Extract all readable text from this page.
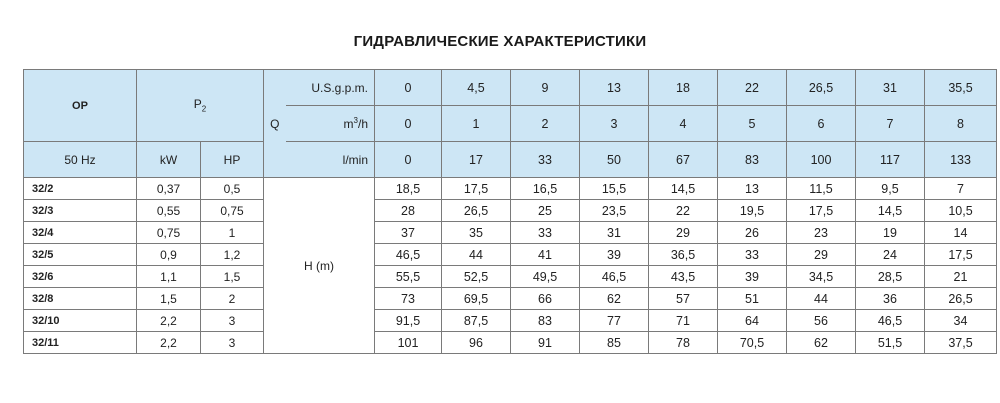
ГИДРАВЛИЧЕСКИЕ ХАРАКТЕРИСТИКИ
OP	$P_2$		Q	U.S.g.p.m.	0	4,5	9	13	18	22	26,5	31	35,5
				$m^3/h$	0	1	2	3	4	5	6	7	8
50 Hz	kW	HP		l/min	0	17	33	50	67	83	100	117	133
32/2	0,37	0,5	H (m)		18,5	17,5	16,5	15,5	14,5	13	11,5	9,5	7
32/3	0,55	0,75			28	26,5	25	23,5	22	19,5	17,5	14,5	10,5
32/4	0,75	1			37	35	33	31	29	26	23	19	14
32/5	0,9	1,2			46,5	44	41	39	36,5	33	29	24	17,5
32/6	1,1	1,5			55,5	52,5	49,5	46,5	43,5	39	34,5	28,5	21
32/8	1,5	2			73	69,5	66	62	57	51	44	36	26,5
32/10	2,2	3			91,5	87,5	83	77	71	64	56	46,5	34
32/11	2,2	3			101	96	91	85	78	70,5	62	51,5	37,5
